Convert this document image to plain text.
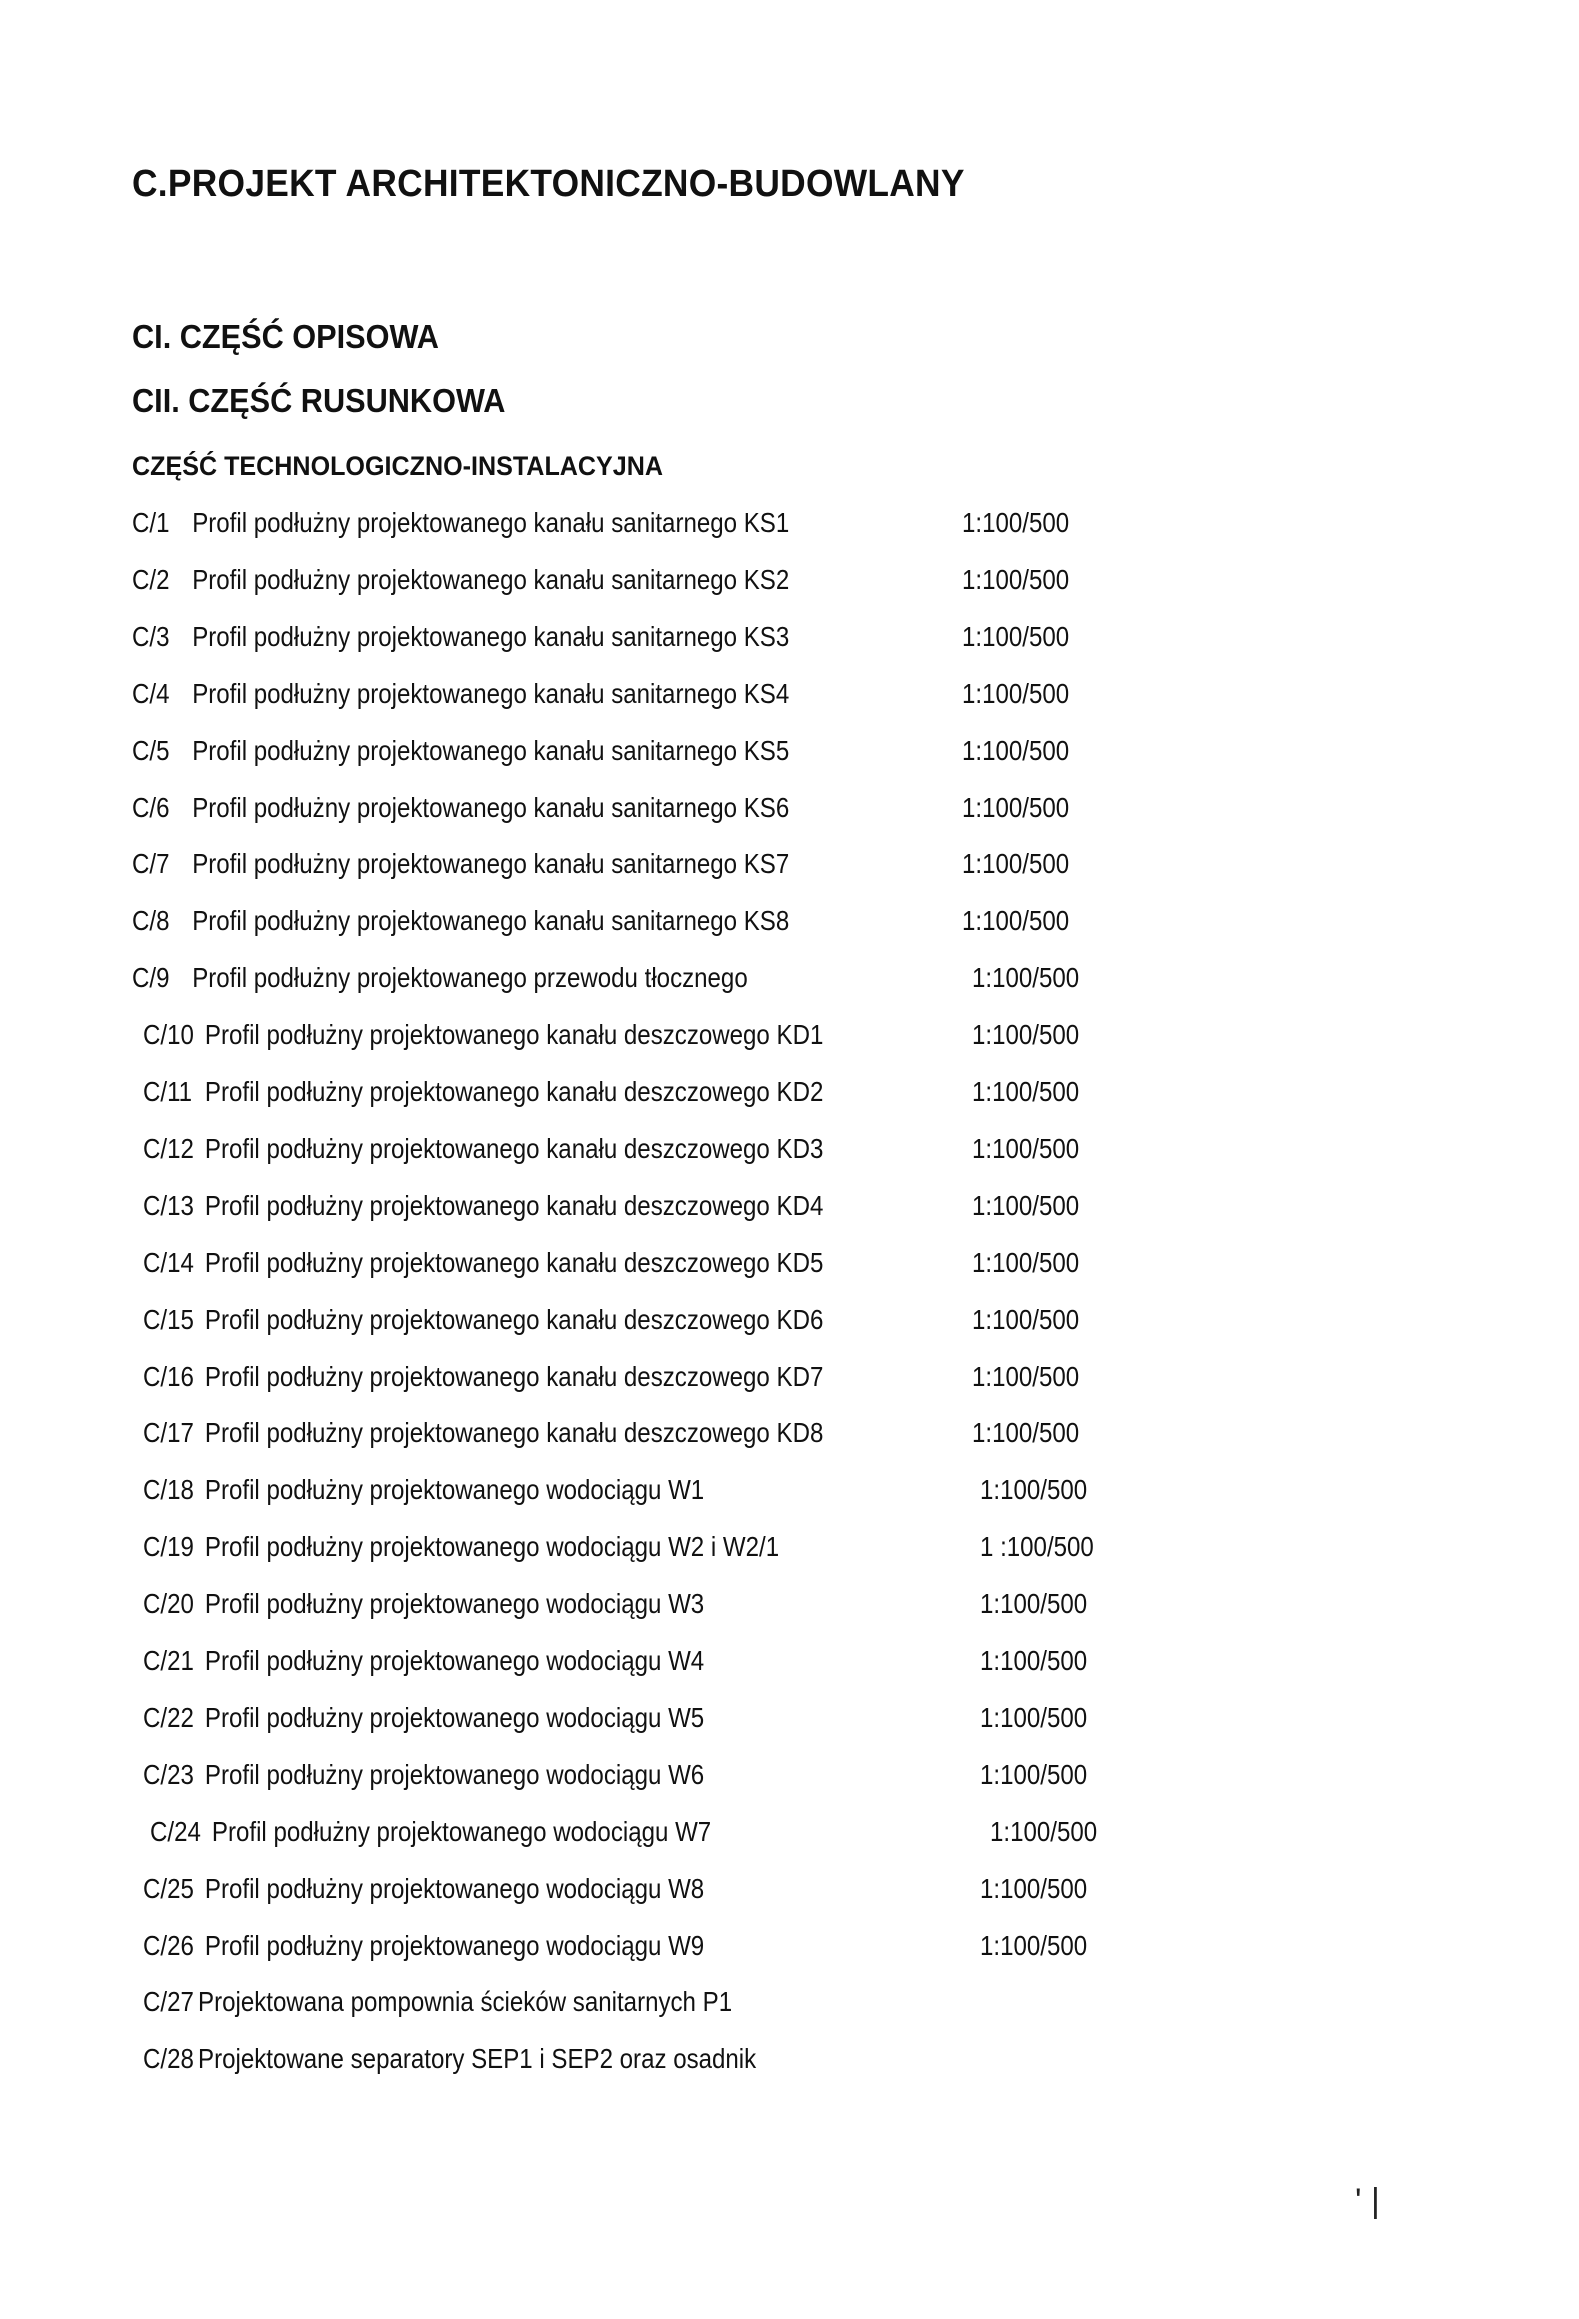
C.PROJEKT ARCHITEKTONICZNO-BUDOWLANY
CI. CZĘŚĆ OPISOWA
CII. CZĘŚĆ RUSUNKOWA
CZĘŚĆ TECHNOLOGICZNO-INSTALACYJNA
C/1 Profil podłużny projektowanego kanału sanitarnego KS1	1:100/500
C/2 Profil podłużny projektowanego kanału sanitarnego KS2	1:100/500
C/3 Profil podłużny projektowanego kanału sanitarnego KS3	1:100/500
C/4 Profil podłużny projektowanego kanału sanitarnego KS4	1:100/500
C/5 Profil podłużny projektowanego kanału sanitarnego KS5	1:100/500
C/6 Profil podłużny projektowanego kanału sanitarnego KS6	1:100/500
C/7 Profil podłużny projektowanego kanału sanitarnego KS7	1:100/500
C/8 Profil podłużny projektowanego kanału sanitarnego KS8	1:100/500
C/9 Profil podłużny projektowanego przewodu tłocznego	1:100/500
C/10 Profil podłużny projektowanego kanału deszczowego KD1	1:100/500
C/11 Profil podłużny projektowanego kanału deszczowego KD2	1:100/500
C/12 Profil podłużny projektowanego kanału deszczowego KD3	1:100/500
C/13 Profil podłużny projektowanego kanału deszczowego KD4	1:100/500
C/14 Profil podłużny projektowanego kanału deszczowego KD5	1:100/500
C/15 Profil podłużny projektowanego kanału deszczowego KD6	1:100/500
C/16 Profil podłużny projektowanego kanału deszczowego KD7	1:100/500
C/17 Profil podłużny projektowanego kanału deszczowego KD8	1:100/500
C/18 Profil podłużny projektowanego wodociągu W1	1:100/500
C/19 Profil podłużny projektowanego wodociągu W2 i W2/1	1 :100/500
C/20 Profil podłużny projektowanego wodociągu W3	1:100/500
C/21 Profil podłużny projektowanego wodociągu W4	1:100/500
C/22 Profil podłużny projektowanego wodociągu W5	1:100/500
C/23 Profil podłużny projektowanego wodociągu W6	1:100/500
C/24 Profil podłużny projektowanego wodociągu W7	1:100/500
C/25 Profil podłużny projektowanego wodociągu W8	1:100/500
C/26 Profil podłużny projektowanego wodociągu W9	1:100/500
C/27 Projektowana pompownia ścieków sanitarnych P1
C/28 Projektowane separatory SEP1 i SEP2 oraz osadnik
' |
